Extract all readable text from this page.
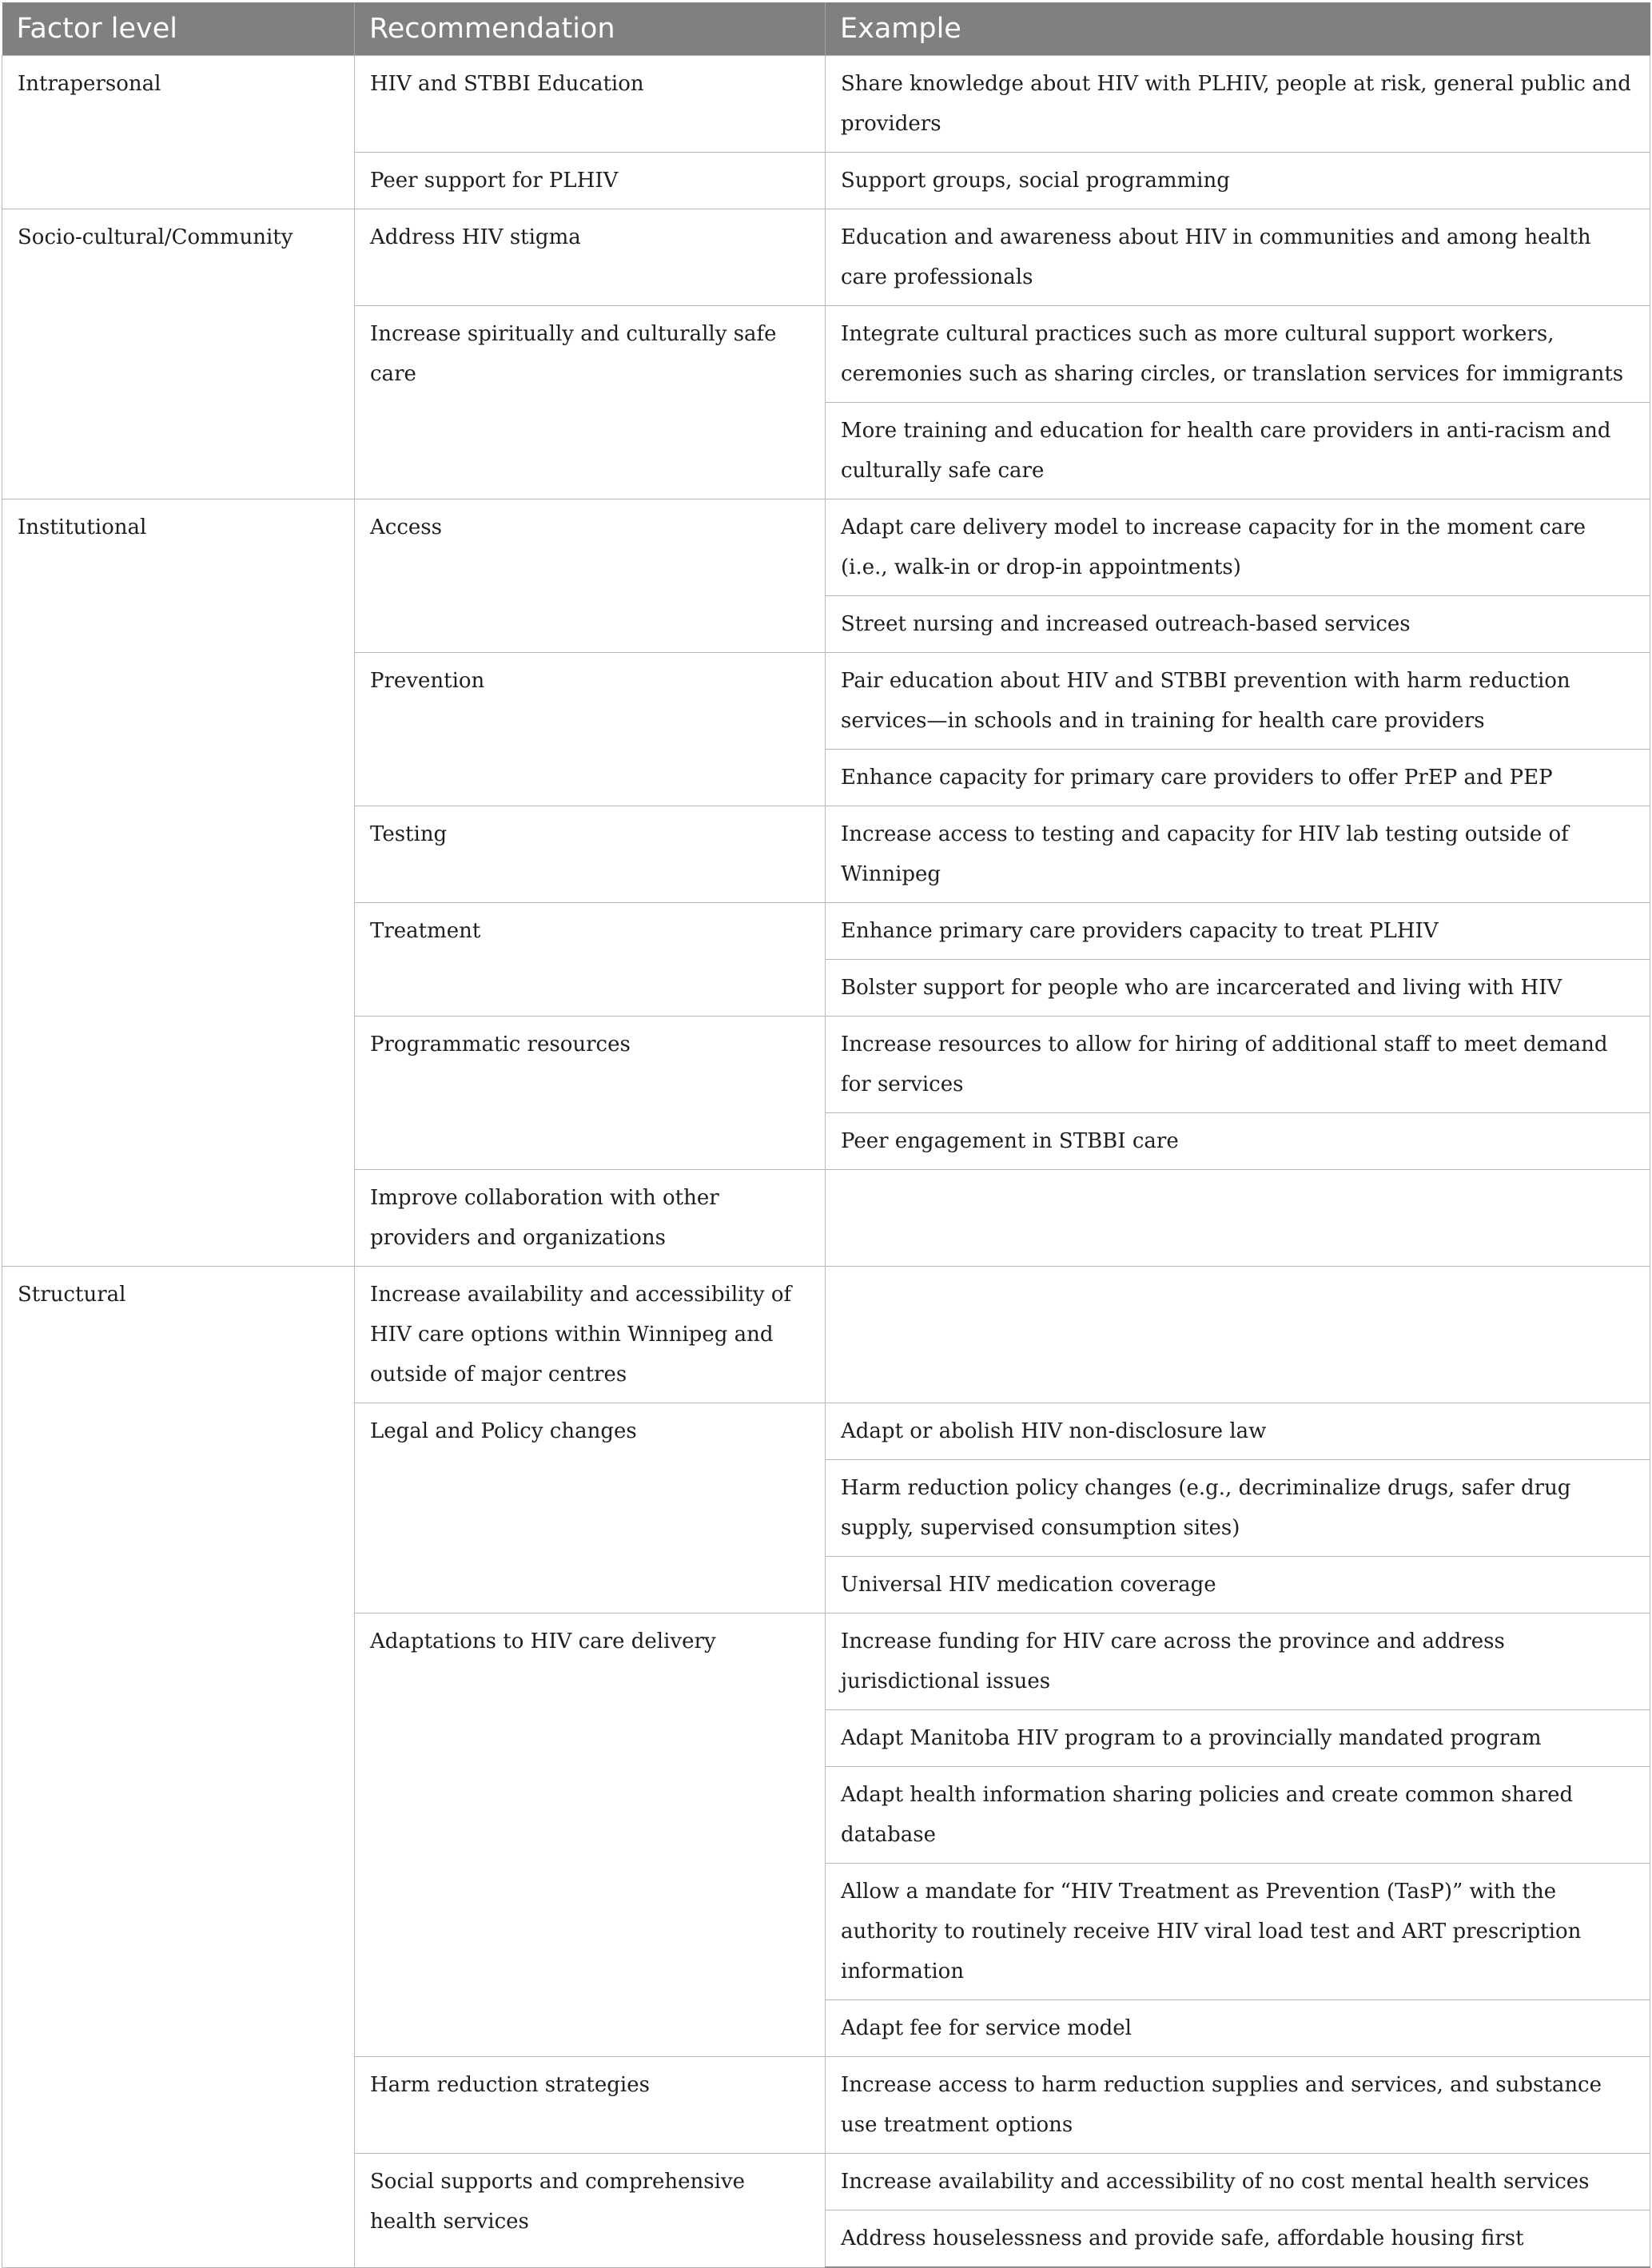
Factor level	Recommendation	Example
Intrapersonal	HIV and STBBI Education	Share knowledge about HIV with PLHIV, people at risk, general public and providers
	Peer support for PLHIV	Support groups, social programming
Socio-cultural/Community	Address HIV stigma	Education and awareness about HIV in communities and among health care professionals
	Increase spiritually and culturally safe care	Integrate cultural practices such as more cultural support workers, ceremonies such as sharing circles, or translation services for immigrants
		More training and education for health care providers in anti-racism and culturally safe care
Institutional	Access	Adapt care delivery model to increase capacity for in the moment care (i.e., walk-in or drop-in appointments)
		Street nursing and increased outreach-based services
	Prevention	Pair education about HIV and STBBI prevention with harm reduction services—in schools and in training for health care providers
		Enhance capacity for primary care providers to offer PrEP and PEP
	Testing	Increase access to testing and capacity for HIV lab testing outside of Winnipeg
	Treatment	Enhance primary care providers capacity to treat PLHIV
		Bolster support for people who are incarcerated and living with HIV
	Programmatic resources	Increase resources to allow for hiring of additional staff to meet demand for services
		Peer engagement in STBBI care
	Improve collaboration with other providers and organizations	
Structural	Increase availability and accessibility of HIV care options within Winnipeg and outside of major centres	
	Legal and Policy changes	Adapt or abolish HIV non-disclosure law
		Harm reduction policy changes (e.g., decriminalize drugs, safer drug supply, supervised consumption sites)
		Universal HIV medication coverage
	Adaptations to HIV care delivery	Increase funding for HIV care across the province and address jurisdictional issues
		Adapt Manitoba HIV program to a provincially mandated program
		Adapt health information sharing policies and create common shared database
		Allow a mandate for “HIV Treatment as Prevention (TasP)” with the authority to routinely receive HIV viral load test and ART prescription information
		Adapt fee for service model
	Harm reduction strategies	Increase access to harm reduction supplies and services, and substance use treatment options
	Social supports and comprehensive health services	Increase availability and accessibility of no cost mental health services
		Address houselessness and provide safe, affordable housing first
